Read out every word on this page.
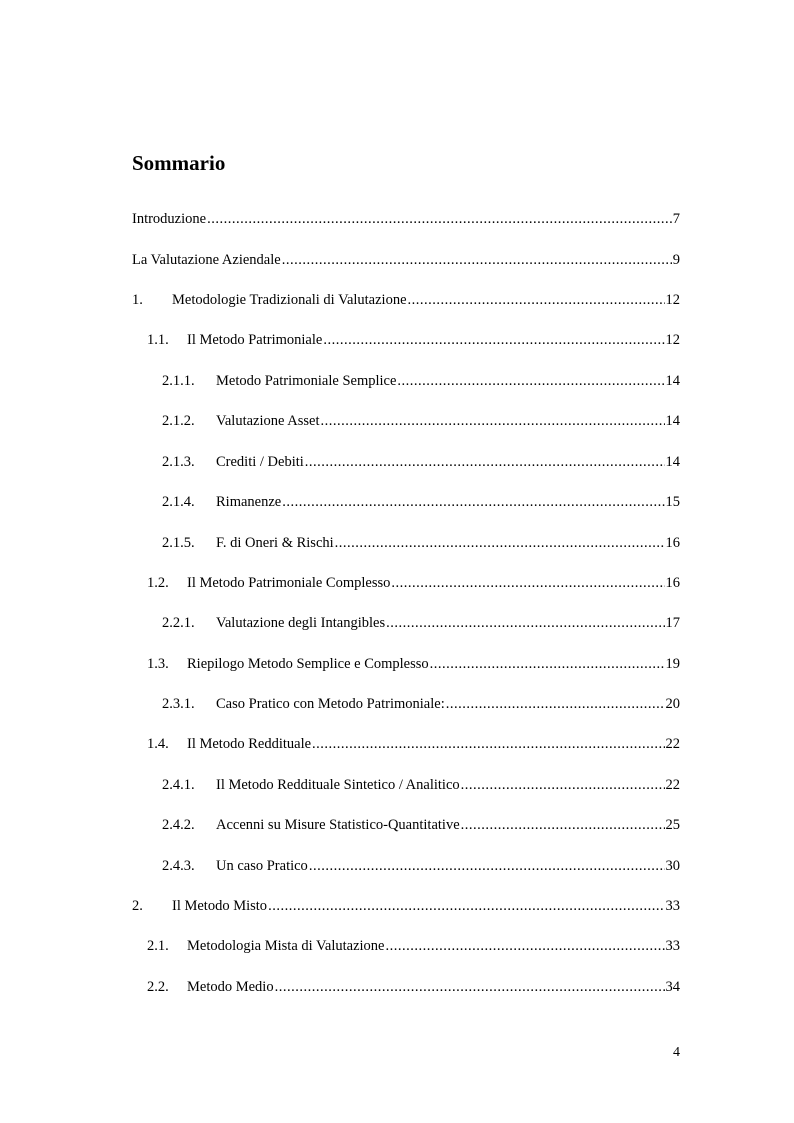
Sommario
Introduzione .....	7
La Valutazione Aziendale .....	9
1.	Metodologie Tradizionali di Valutazione .....	12
1.1.	Il Metodo Patrimoniale .....	12
2.1.1.	Metodo Patrimoniale Semplice .....	14
2.1.2.	Valutazione Asset .....	14
2.1.3.	Crediti / Debiti .....	14
2.1.4.	Rimanenze .....	15
2.1.5.	F. di Oneri & Rischi .....	16
1.2.	Il Metodo Patrimoniale Complesso .....	16
2.2.1.	Valutazione degli Intangibles .....	17
1.3.	Riepilogo Metodo Semplice e Complesso .....	19
2.3.1.	Caso Pratico con Metodo Patrimoniale: .....	20
1.4.	Il Metodo Reddituale .....	22
2.4.1.	Il Metodo Reddituale Sintetico / Analitico .....	22
2.4.2.	Accenni su Misure Statistico-Quantitative .....	25
2.4.3.	Un caso Pratico .....	30
2.	Il Metodo Misto .....	33
2.1.	Metodologia Mista di Valutazione .....	33
2.2.	Metodo Medio .....	34
4
